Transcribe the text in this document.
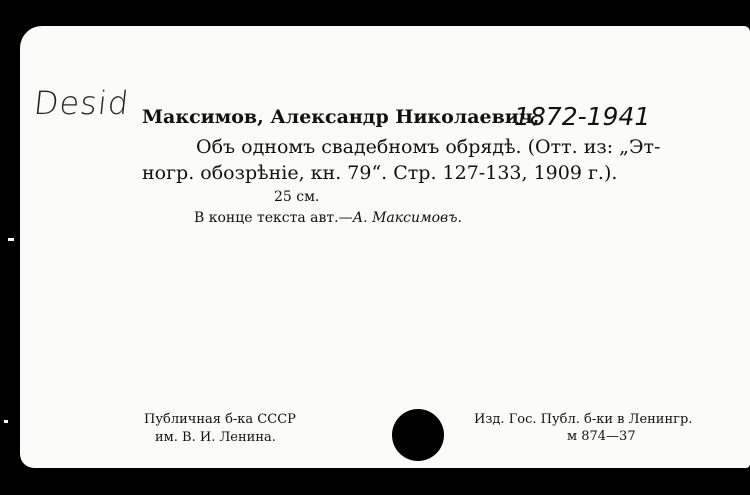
Desid Максимов, Александр Николаевич,
1872-1941
Объ одномъ свадебномъ обрядѣ. (Отт. из: „Эт-
ногр. обозрѣніе, кн. 79“. Стр. 127-133, 1909 г.).
25 см.
В конце текста авт.—А. Максимовъ.
Публичная б-ка СССР
им. В. И. Ленина.
Изд. Гос. Публ. б-ки в Ленингр.
м 874—37
